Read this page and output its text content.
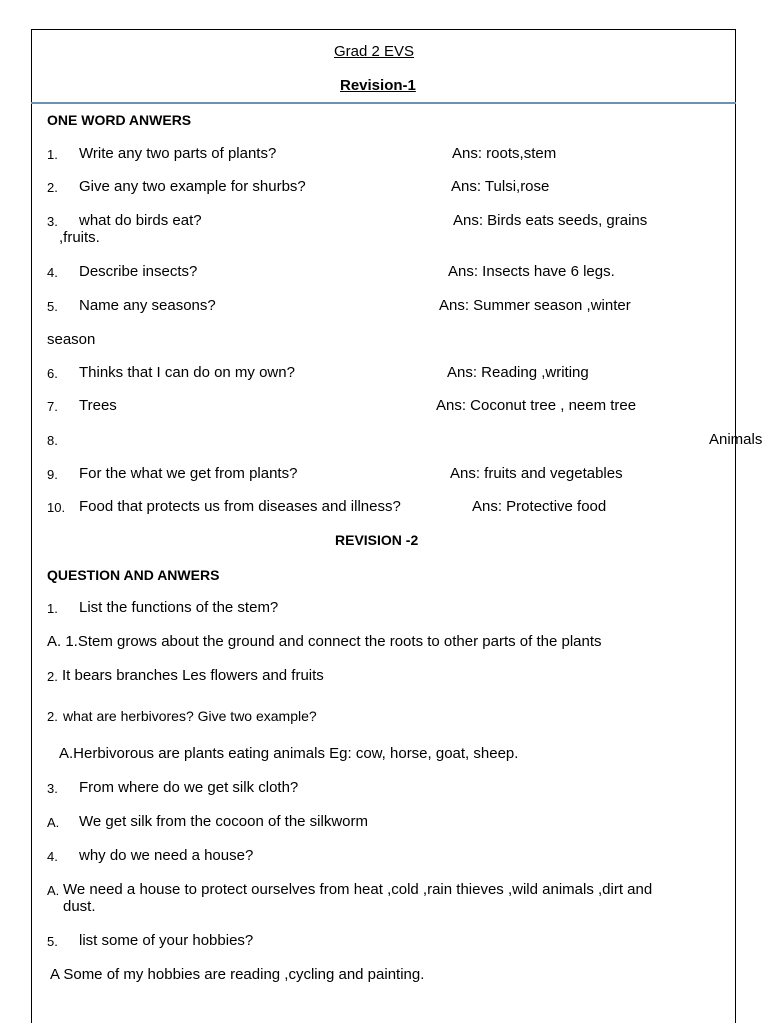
Grad 2 EVS
Revision-1
ONE WORD ANWERS
1. Write any two parts of plants?	Ans: roots,stem
2. Give any two example for shurbs?	Ans: Tulsi,rose
3. what do birds eat?	Ans: Birds eats seeds, grains
,fruits.
4. Describe insects?	Ans: Insects have 6 legs.
5. Name any seasons?	Ans: Summer season ,winter
season
6. Thinks that I can do on my own?	Ans: Reading ,writing
7. Trees	Ans: Coconut tree , neem tree
8.	Animals
9. For the what we get from plants?	Ans: fruits and vegetables
10. Food that protects us from diseases and illness?	Ans: Protective food
REVISION -2
QUESTION AND ANWERS
1. List the functions of the stem?
A. 1.Stem grows about the ground and connect the roots to other parts of the plants
2. It bears branches Les flowers and fruits
2. what are herbivores? Give two example?
A.Herbivorous are plants eating animals Eg: cow, horse, goat, sheep.
3. From where do we get silk cloth?
A. We get silk from the cocoon of the silkworm
4. why do we need a house?
A. We need a house to protect ourselves from heat ,cold ,rain thieves ,wild animals ,dirt and
dust.
5. list some of your hobbies?
A Some of my hobbies are reading ,cycling and painting.
